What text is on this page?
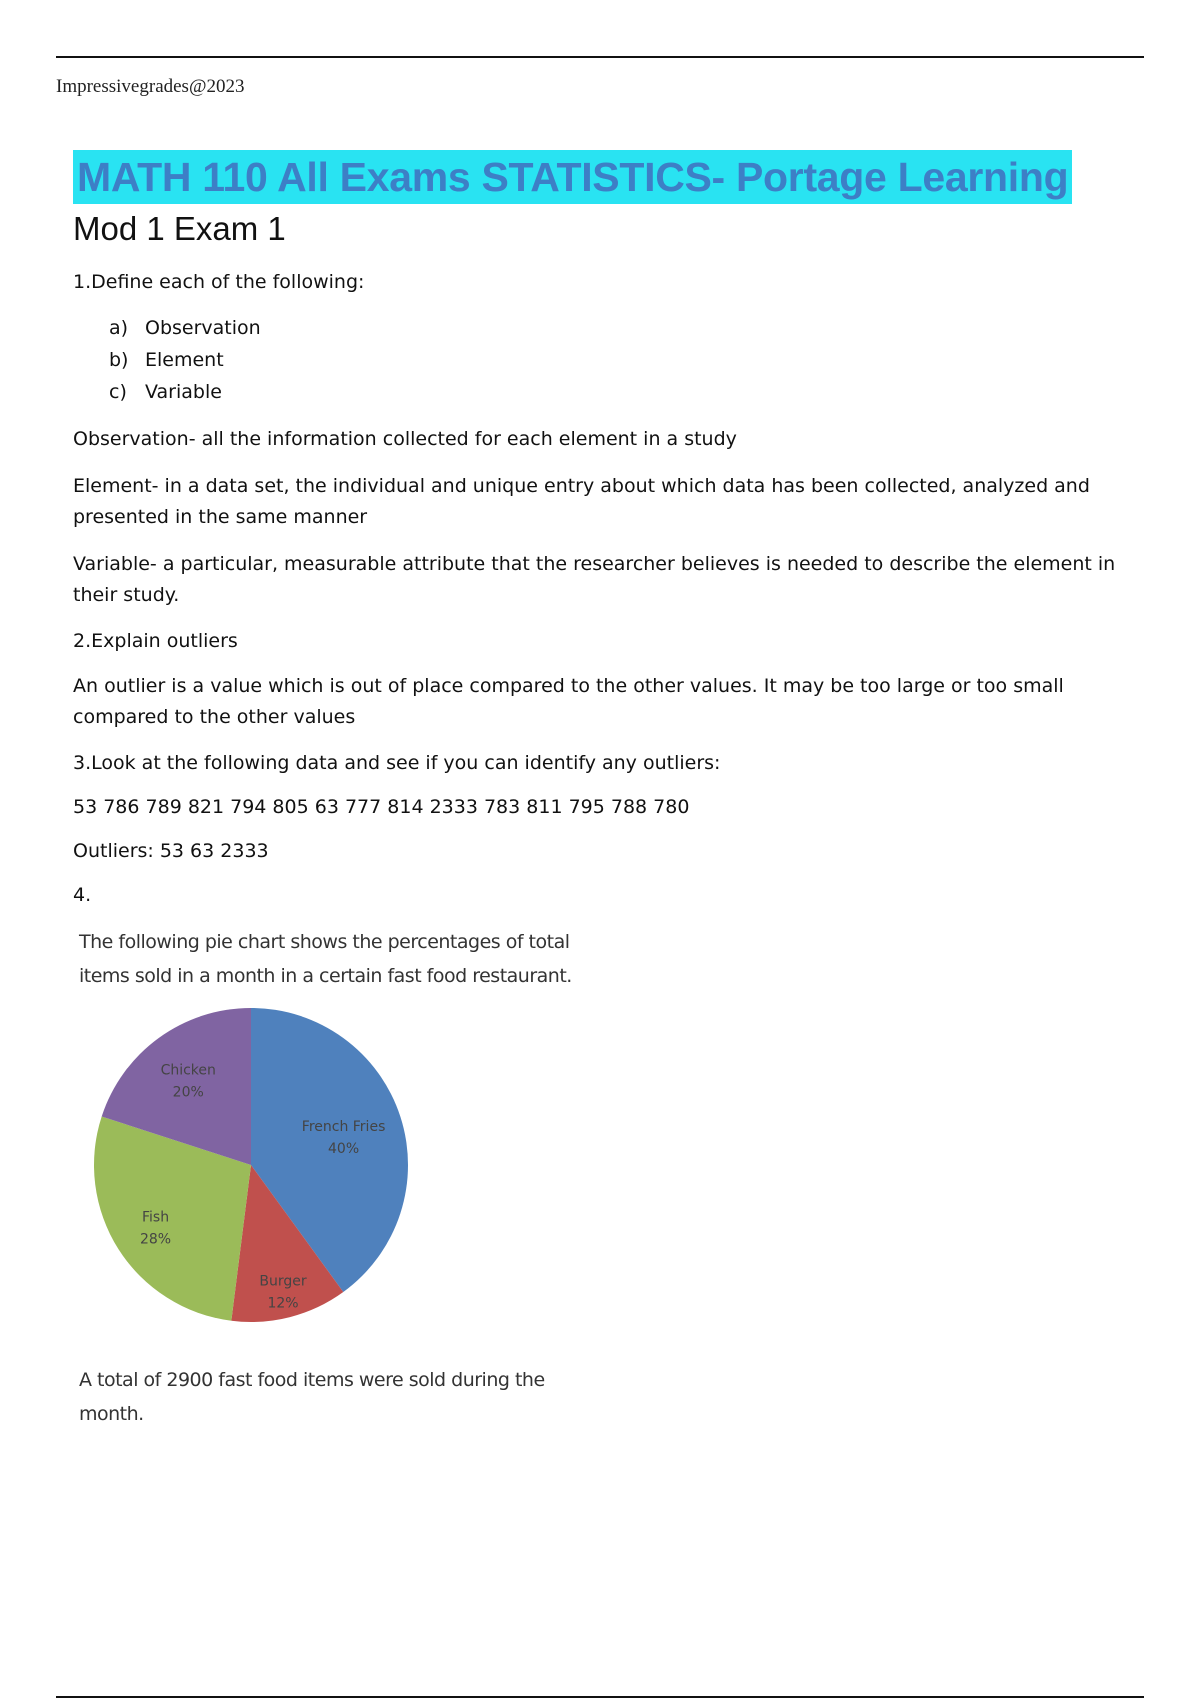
Impressivegrades@2023
MATH 110 All Exams STATISTICS- Portage Learning
Mod 1 Exam 1

1.Define each of the following:

a) Observation
b) Element
c) Variable

Observation- all the information collected for each element in a study

Element- in a data set, the individual and unique entry about which data has been collected, analyzed and presented in the same manner

Variable- a particular, measurable attribute that the researcher believes is needed to describe the element in their study.

2.Explain outliers

An outlier is a value which is out of place compared to the other values. It may be too large or too small compared to the other values

3.Look at the following data and see if you can identify any outliers:

53 786 789 821 794 805 63 777 814 2333 783 811 795 788 780

Outliers: 53 63 2333

4.

The following pie chart shows the percentages of total items sold in a month in a certain fast food restaurant.

French Fries
40%
Burger
12%
Fish
28%
Chicken
20%

A total of 2900 fast food items were sold during the month.
